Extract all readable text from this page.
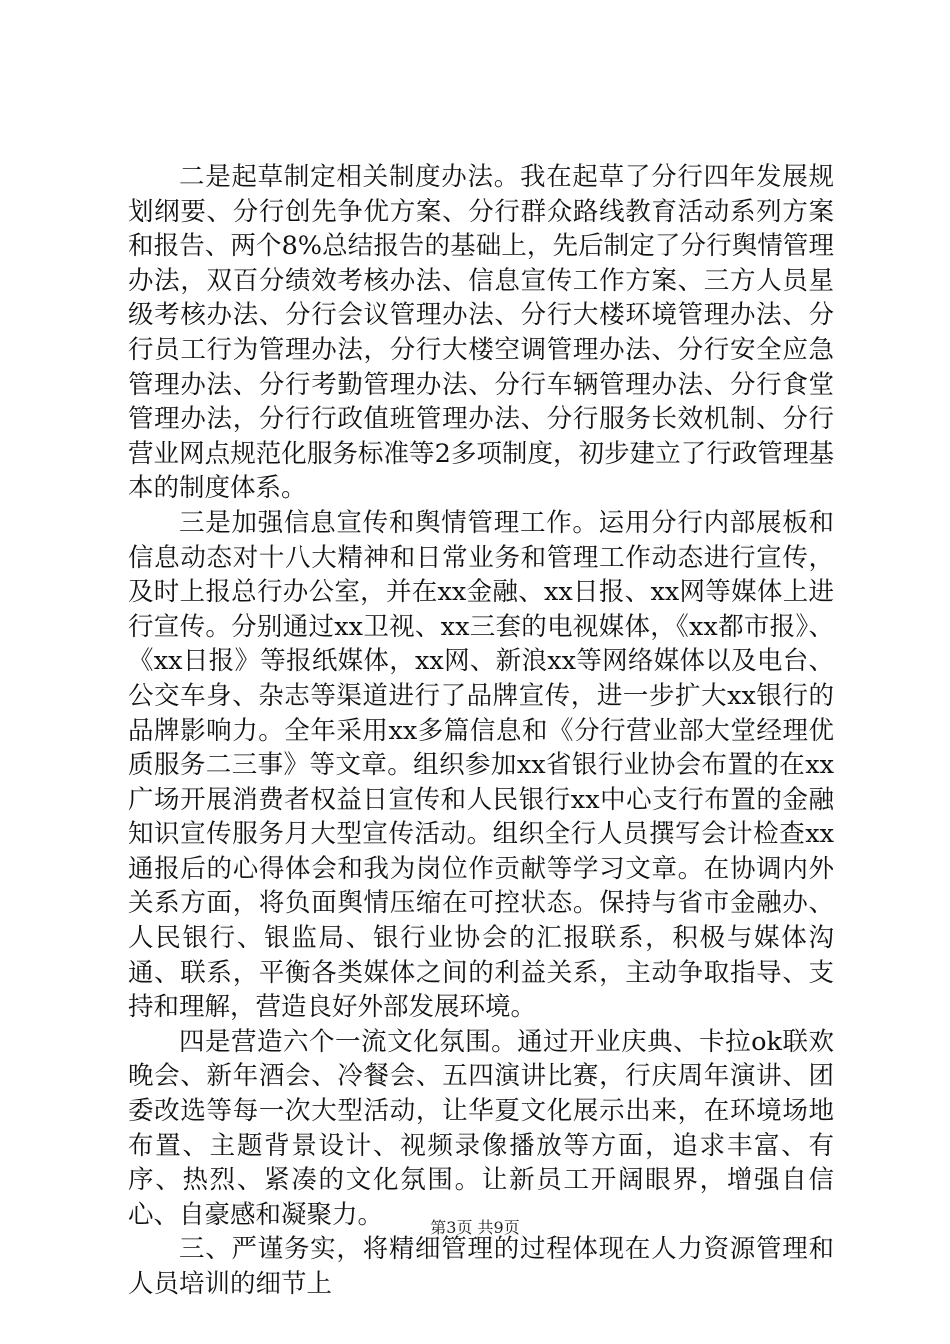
二是起草制定相关制度办法。我在起草了分行四年发展规划纲要、分行创先争优方案、分行群众路线教育活动系列方案和报告、两个8%总结报告的基础上，先后制定了分行舆情管理办法，双百分绩效考核办法、信息宣传工作方案、三方人员星级考核办法、分行会议管理办法、分行大楼环境管理办法、分行员工行为管理办法，分行大楼空调管理办法、分行安全应急管理办法、分行考勤管理办法、分行车辆管理办法、分行食堂管理办法，分行行政值班管理办法、分行服务长效机制、分行营业网点规范化服务标准等2多项制度，初步建立了行政管理基本的制度体系。

三是加强信息宣传和舆情管理工作。运用分行内部展板和信息动态对十八大精神和日常业务和管理工作动态进行宣传，及时上报总行办公室，并在xx金融、xx日报、xx网等媒体上进行宣传。分别通过xx卫视、xx三套的电视媒体，《xx都市报》、《xx日报》等报纸媒体，xx网、新浪xx等网络媒体以及电台、公交车身、杂志等渠道进行了品牌宣传，进一步扩大xx银行的品牌影响力。全年采用xx多篇信息和《分行营业部大堂经理优质服务二三事》等文章。组织参加xx省银行业协会布置的在xx广场开展消费者权益日宣传和人民银行xx中心支行布置的金融知识宣传服务月大型宣传活动。组织全行人员撰写会计检查xx通报后的心得体会和我为岗位作贡献等学习文章。在协调内外关系方面，将负面舆情压缩在可控状态。保持与省市金融办、人民银行、银监局、银行业协会的汇报联系，积极与媒体沟通、联系，平衡各类媒体之间的利益关系，主动争取指导、支持和理解，营造良好外部发展环境。

四是营造六个一流文化氛围。通过开业庆典、卡拉ok联欢晚会、新年酒会、冷餐会、五四演讲比赛，行庆周年演讲、团委改选等每一次大型活动，让华夏文化展示出来，在环境场地布置、主题背景设计、视频录像播放等方面，追求丰富、有序、热烈、紧凑的文化氛围。让新员工开阔眼界，增强自信心、自豪感和凝聚力。

三、严谨务实，将精细管理的过程体现在人力资源管理和人员培训的细节上

第3页 共9页
